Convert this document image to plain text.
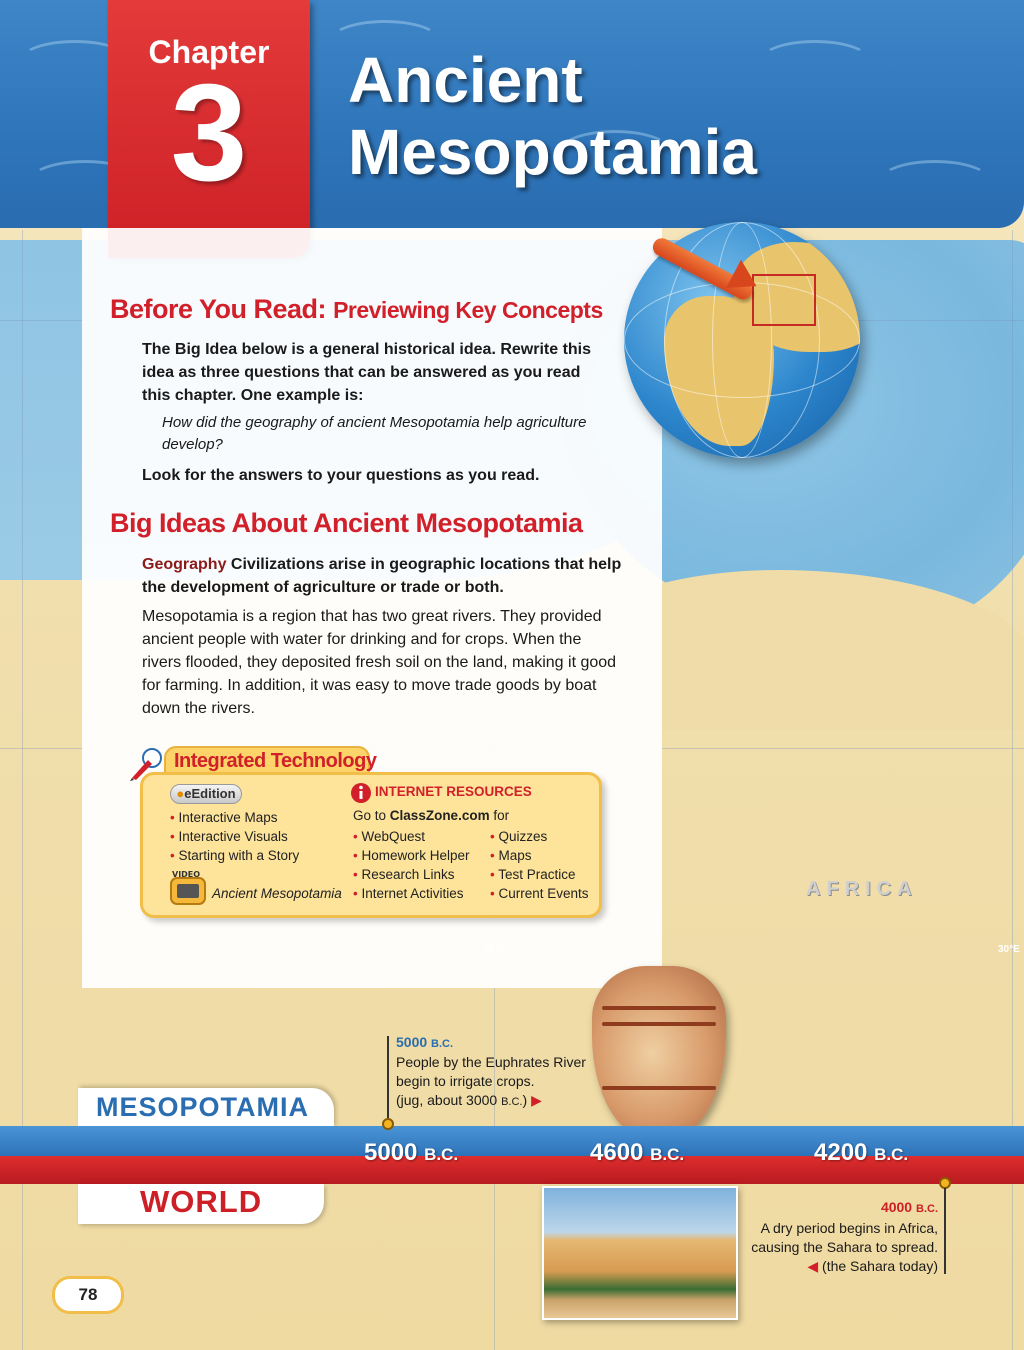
AFRICA
30°E
Chapter
3	Ancient
Mesopotamia
Before You Read: Previewing Key Concepts
The Big Idea below is a general historical idea. Rewrite this idea as three questions that can be answered as you read this chapter. One example is:
How did the geography of ancient Mesopotamia help agriculture develop?
Look for the answers to your questions as you read.
Big Ideas About Ancient Mesopotamia
Geography Civilizations arise in geographic locations that help the development of agriculture or trade or both.
Mesopotamia is a region that has two great rivers. They provided ancient people with water for drinking and for crops. When the rivers flooded, they deposited fresh soil on the land, making it good for farming. In addition, it was easy to move trade goods by boat down the rivers.
Integrated Technology
●eEdition
• Interactive Maps
• Interactive Visuals
• Starting with a Story
VIDEO
Ancient Mesopotamia
INTERNET RESOURCES
Go to ClassZone.com for
• WebQuest
• Homework Helper
• Research Links
• Internet Activities
• Quizzes
• Maps
• Test Practice
• Current Events
MESOPOTAMIA
WORLD
5000 B.C.	4600 B.C.	4200 B.C.
5000 B.C.
People by the Euphrates River
begin to irrigate crops.
(jug, about 3000 B.C.) ▶
4000 B.C.
A dry period begins in Africa,
causing the Sahara to spread.
◀ (the Sahara today)
78
